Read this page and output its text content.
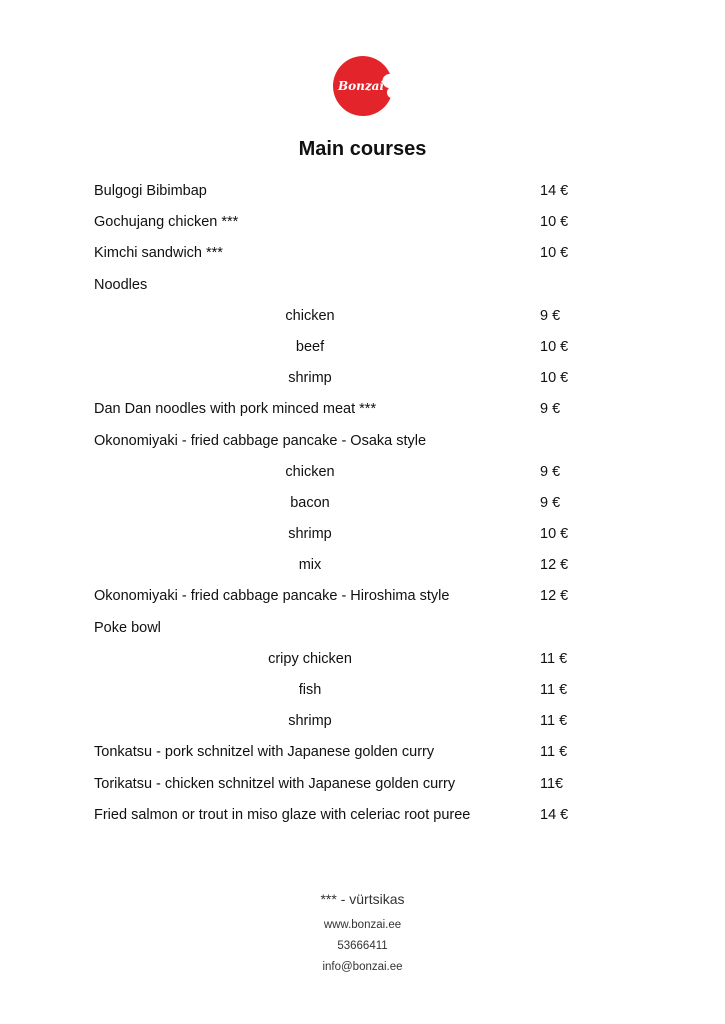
Bonzai
Main courses
Bulgogi Bibimbap	14 €
Gochujang chicken ***	10 €
Kimchi sandwich ***	10 €
Noodles
chicken	9 €
beef	10 €
shrimp	10 €
Dan Dan noodles with pork minced meat ***	9 €
Okonomiyaki - fried cabbage pancake - Osaka style
chicken	9 €
bacon	9 €
shrimp	10 €
mix	12 €
Okonomiyaki - fried cabbage pancake - Hiroshima style	12 €
Poke bowl
cripy chicken	11 €
fish	11 €
shrimp	11 €
Tonkatsu - pork schnitzel with Japanese golden curry	11 €
Torikatsu - chicken schnitzel with Japanese golden curry	11€
Fried salmon or trout in miso glaze with celeriac root puree	14 €
*** - vürtsikas
www.bonzai.ee
53666411
info@bonzai.ee
